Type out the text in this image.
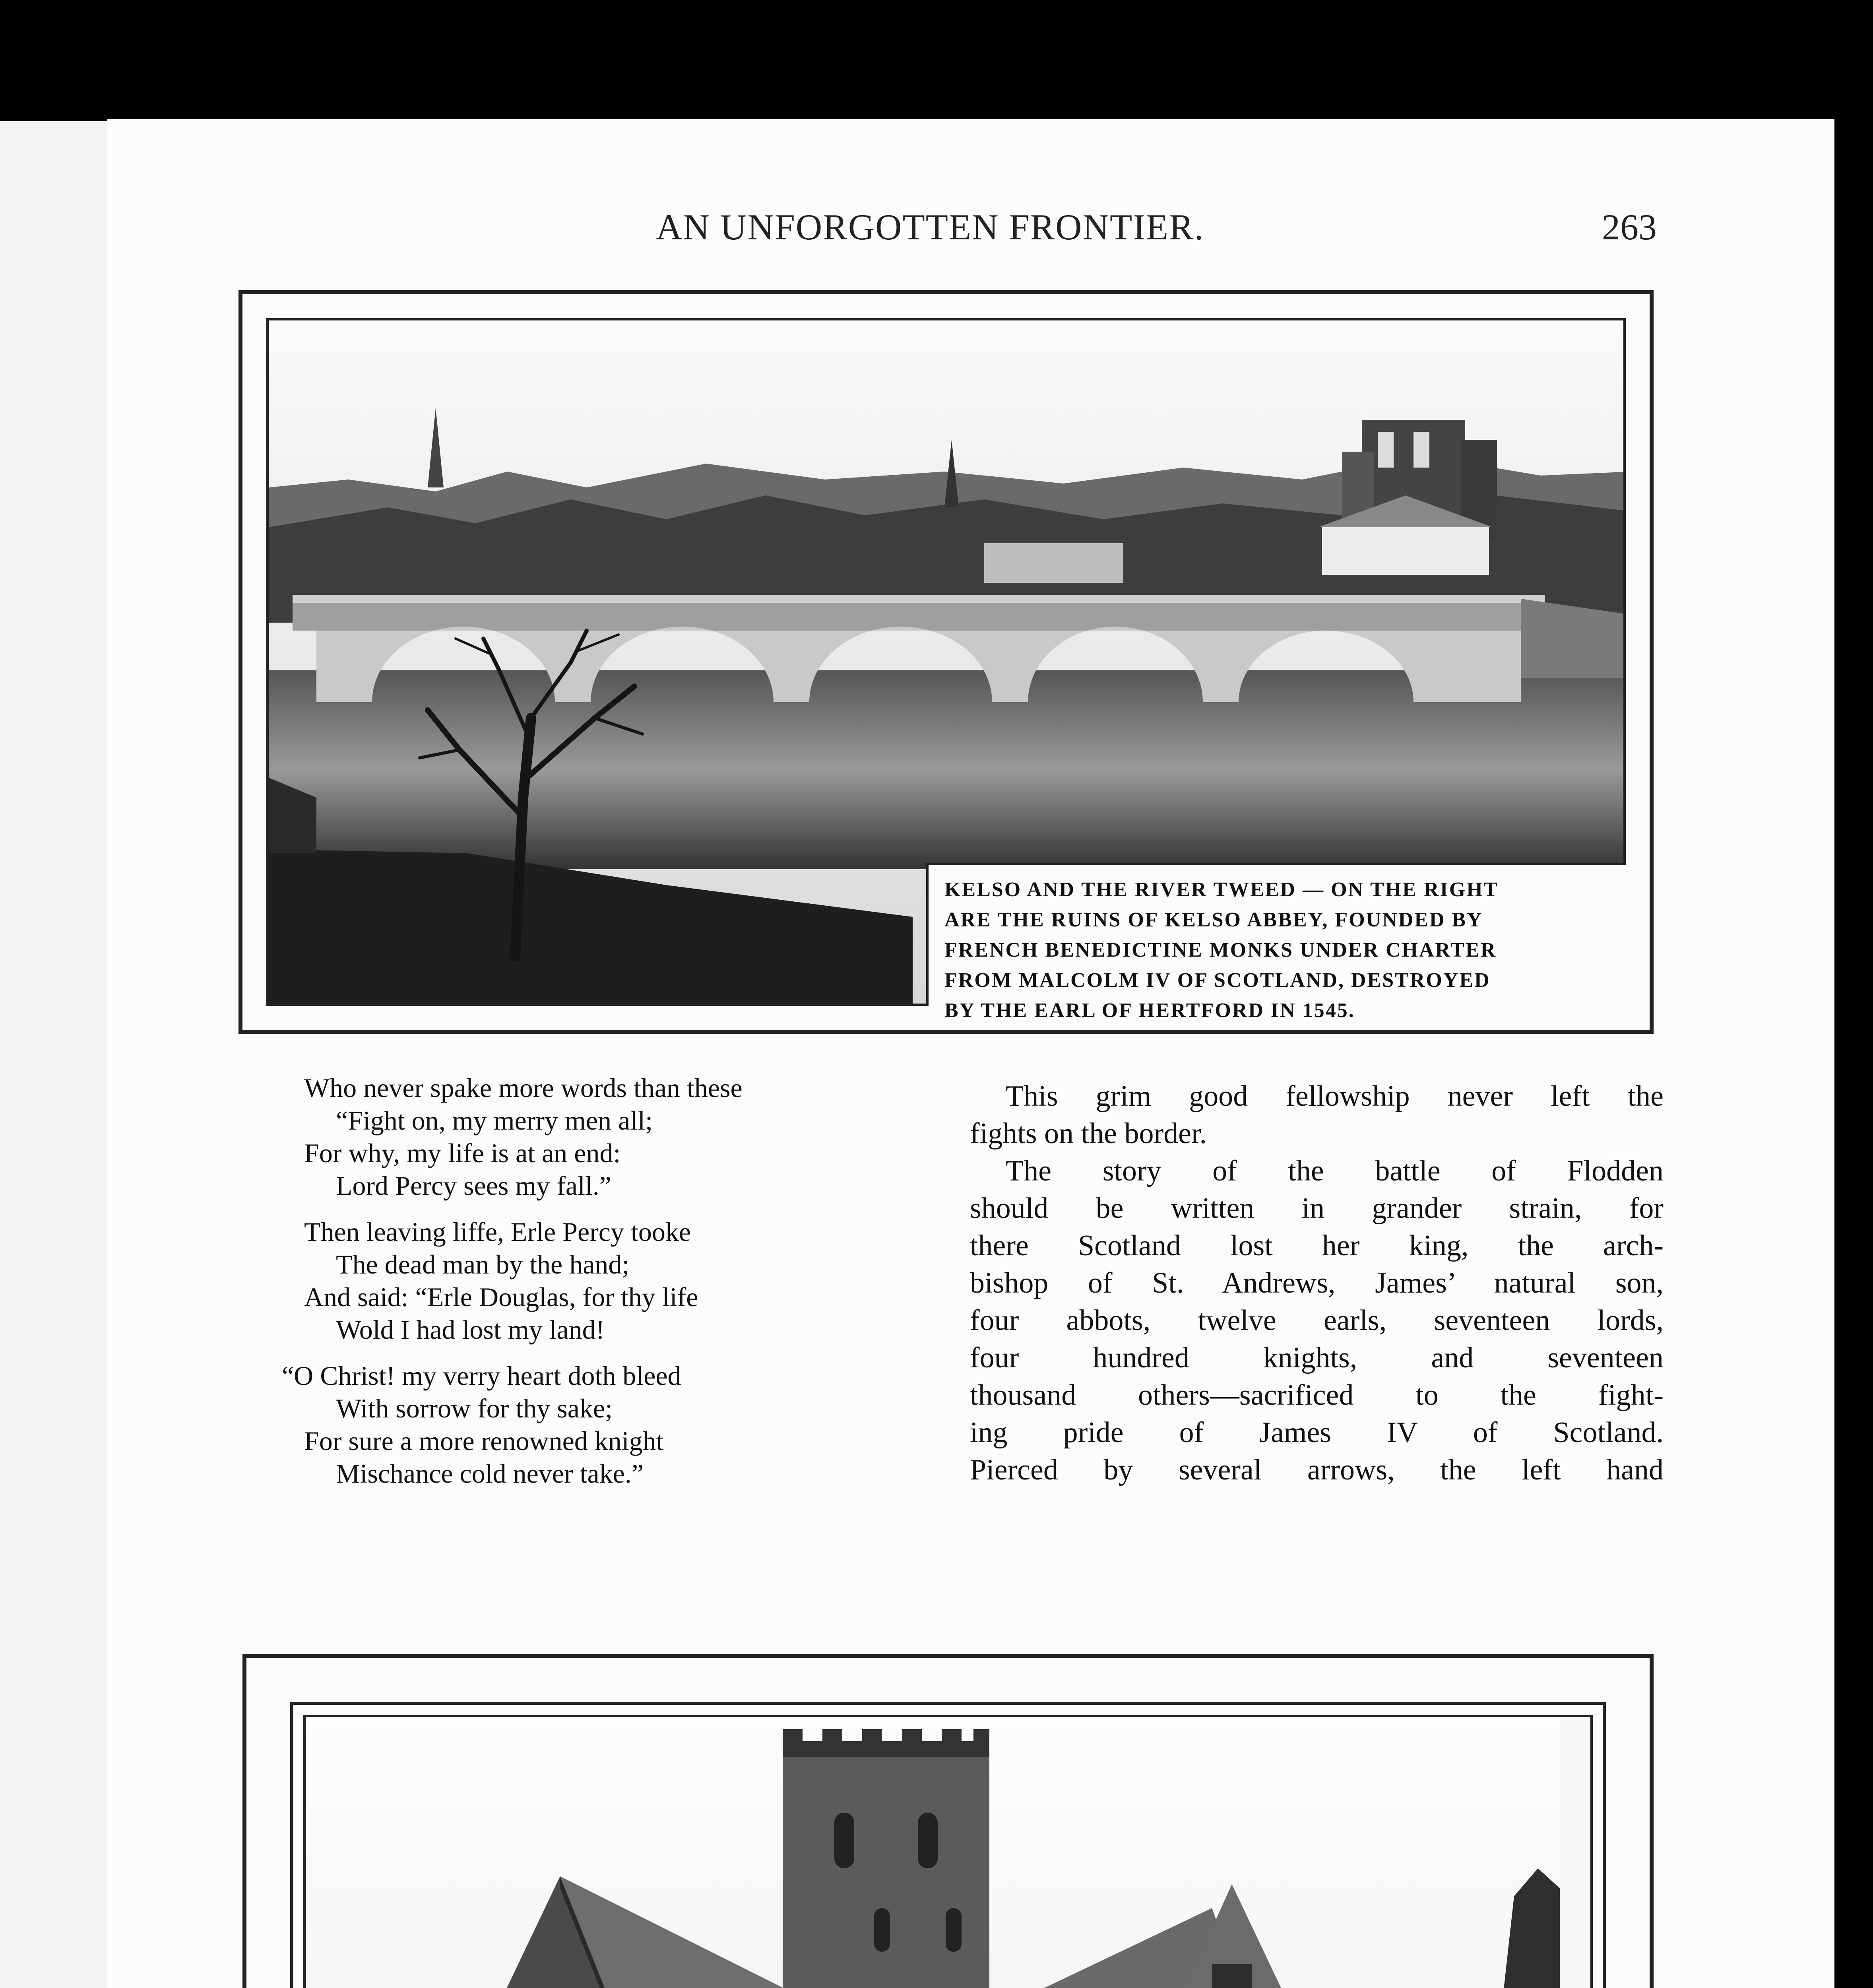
AN UNFORGOTTEN FRONTIER.	263
KELSO AND THE RIVER TWEED — ON THE RIGHT
ARE THE RUINS OF KELSO ABBEY, FOUNDED BY
FRENCH BENEDICTINE MONKS UNDER CHARTER
FROM MALCOLM IV OF SCOTLAND, DESTROYED
BY THE EARL OF HERTFORD IN 1545.
Who never spake more words than these
“Fight on, my merry men all;
For why, my life is at an end:
Lord Percy sees my fall.”
Then leaving liffe, Erle Percy tooke
The dead man by the hand;
And said: “Erle Douglas, for thy life
Wold I had lost my land!
“O Christ! my verry heart doth bleed
With sorrow for thy sake;
For sure a more renowned knight
Mischance cold never take.”
This grim good fellowship never left the
fights on the border.
The story of the battle of Flodden
should be written in grander strain, for
there Scotland lost her king, the arch-
bishop of St. Andrews, James’ natural son,
four abbots, twelve earls, seventeen lords,
four hundred knights, and seventeen
thousand others—sacrificed to the fight-
ing pride of James IV of Scotland.
Pierced by several arrows, the left hand
